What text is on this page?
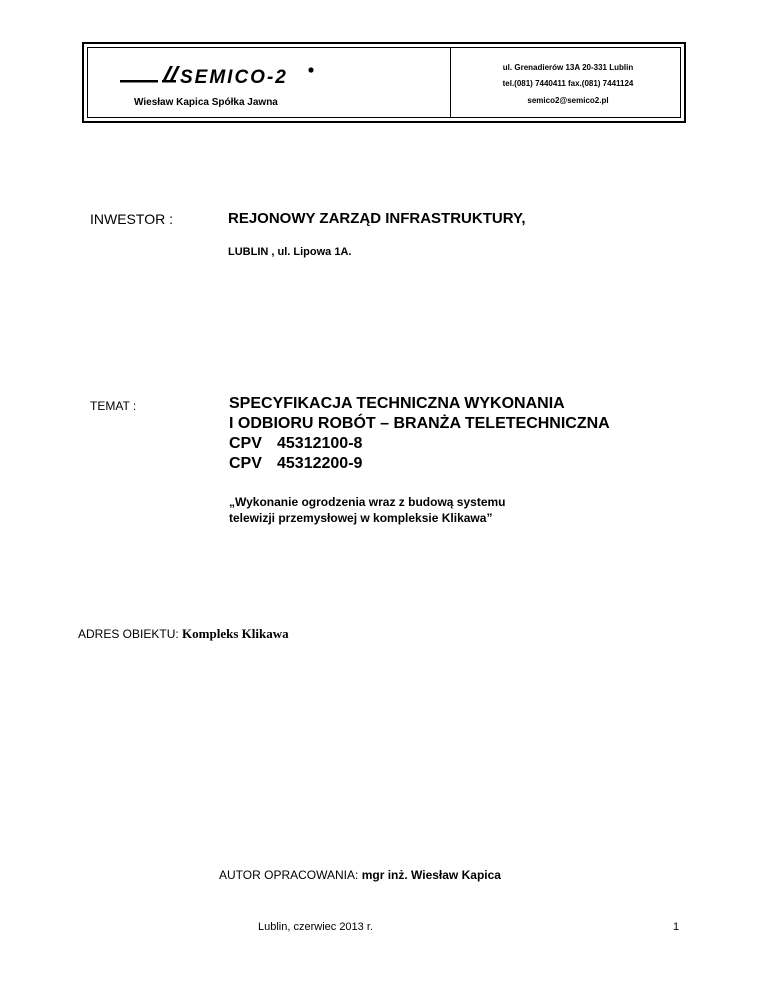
SEMICO-2
Wiesław Kapica Spółka Jawna
ul. Grenadierów 13A 20-331 Lublin
tel.(081) 7440411 fax.(081) 7441124
semico2@semico2.pl
INWESTOR :	REJONOWY ZARZĄD INFRASTRUKTURY,
LUBLIN , ul. Lipowa 1A.
TEMAT :	SPECYFIKACJA TECHNICZNA WYKONANIA
I ODBIORU ROBÓT – BRANŻA TELETECHNICZNA
CPV 45312100-8
CPV 45312200-9
„Wykonanie ogrodzenia wraz z budową systemu
telewizji przemysłowej w kompleksie Klikawa”
ADRES OBIEKTU: Kompleks Klikawa
AUTOR OPRACOWANIA: mgr inż. Wiesław Kapica
Lublin, czerwiec 2013 r.	1
